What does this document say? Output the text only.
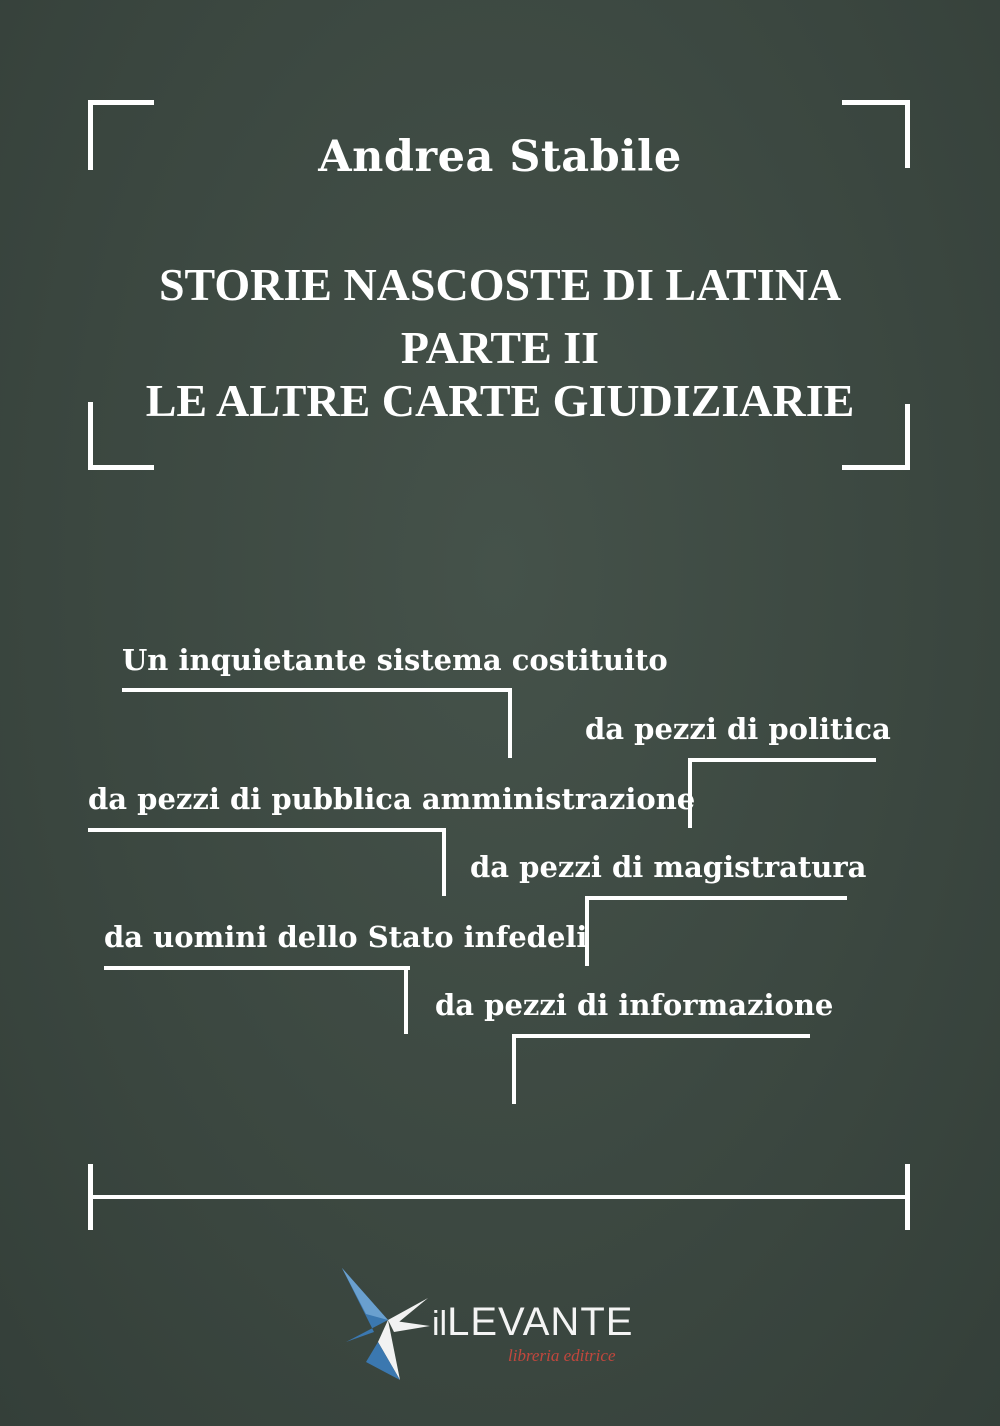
Andrea Stabile
STORIE NASCOSTE DI LATINA
PARTE II
LE ALTRE CARTE GIUDIZIARIE
Un inquietante sistema costituito
da pezzi di politica
da pezzi di pubblica amministrazione
da pezzi di magistratura
da uomini dello Stato infedeli
da pezzi di informazione
ilLEVANTE
libreria editrice
